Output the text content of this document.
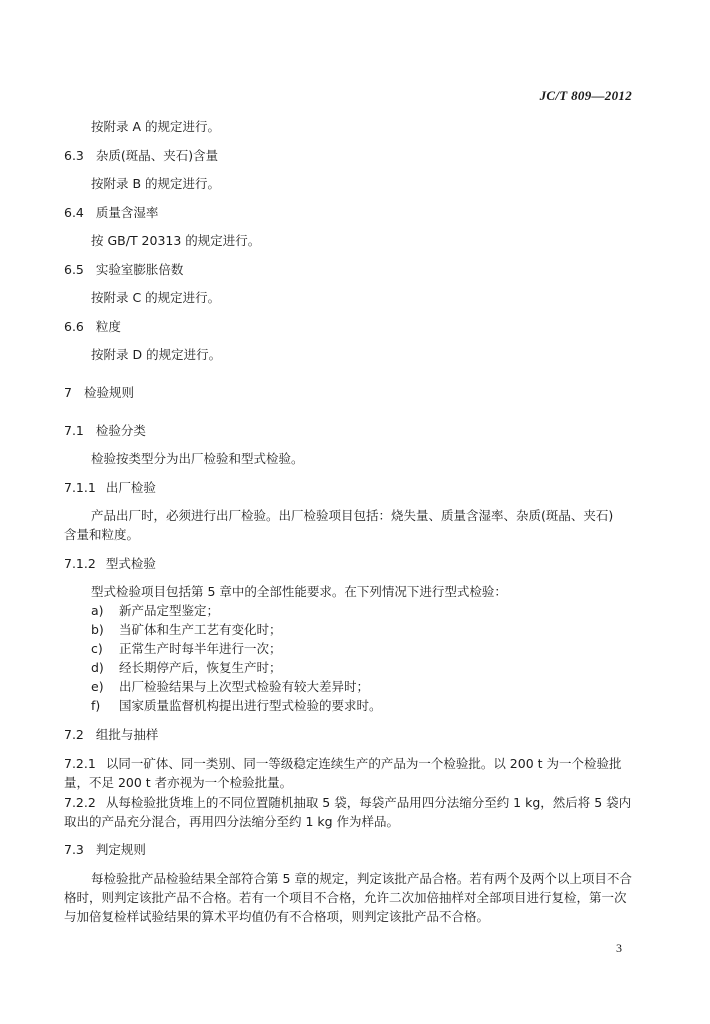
JC/T 809—2012
按附录 A 的规定进行。
6.3 杂质(斑晶、夹石)含量
按附录 B 的规定进行。
6.4 质量含湿率
按 GB/T 20313 的规定进行。
6.5 实验室膨胀倍数
按附录 C 的规定进行。
6.6 粒度
按附录 D 的规定进行。
7 检验规则
7.1 检验分类
检验按类型分为出厂检验和型式检验。
7.1.1 出厂检验
产品出厂时，必须进行出厂检验。出厂检验项目包括：烧失量、质量含湿率、杂质(斑晶、夹石)
含量和粒度。
7.1.2 型式检验
型式检验项目包括第 5 章中的全部性能要求。在下列情况下进行型式检验：
a) 新产品定型鉴定；
b) 当矿体和生产工艺有变化时；
c) 正常生产时每半年进行一次；
d) 经长期停产后，恢复生产时；
e) 出厂检验结果与上次型式检验有较大差异时；
f) 国家质量监督机构提出进行型式检验的要求时。
7.2 组批与抽样
7.2.1 以同一矿体、同一类别、同一等级稳定连续生产的产品为一个检验批。以 200 t 为一个检验批
量，不足 200 t 者亦视为一个检验批量。
7.2.2 从每检验批货堆上的不同位置随机抽取 5 袋，每袋产品用四分法缩分至约 1 kg，然后将 5 袋内
取出的产品充分混合，再用四分法缩分至约 1 kg 作为样品。
7.3 判定规则
每检验批产品检验结果全部符合第 5 章的规定，判定该批产品合格。若有两个及两个以上项目不合
格时，则判定该批产品不合格。若有一个项目不合格，允许二次加倍抽样对全部项目进行复检，第一次
与加倍复检样试验结果的算术平均值仍有不合格项，则判定该批产品不合格。
3
